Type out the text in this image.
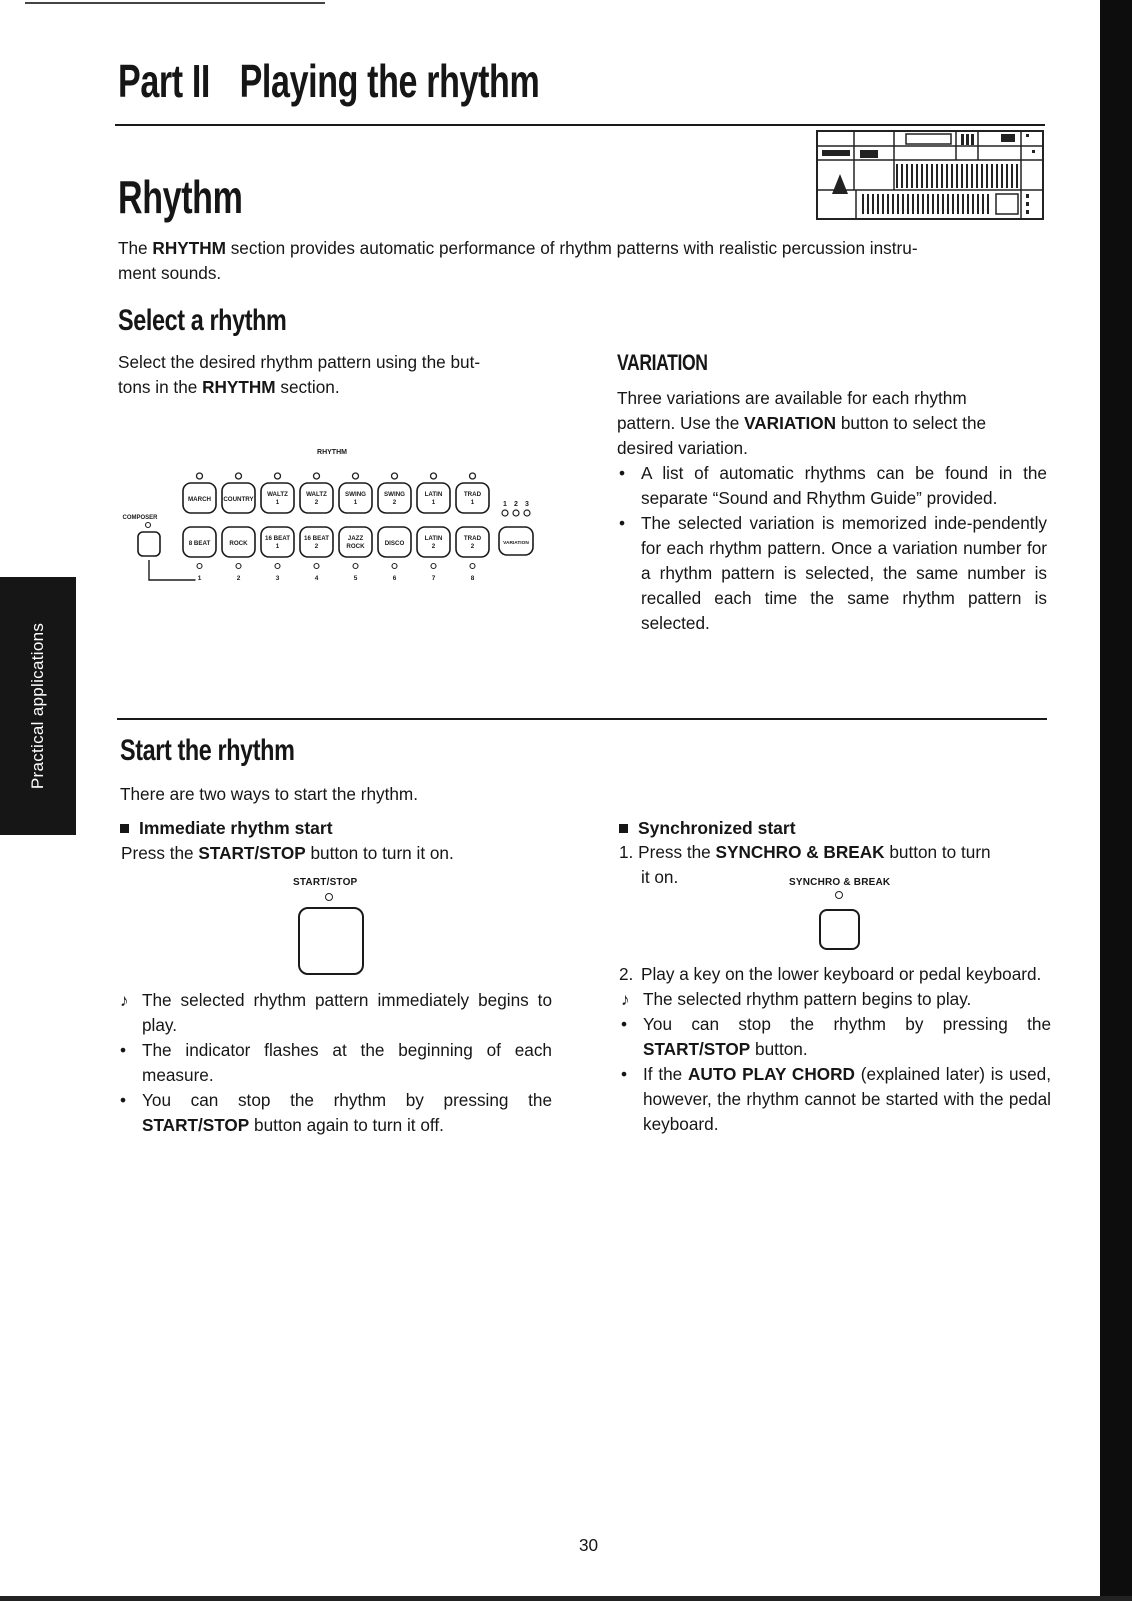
Practical applications
Part II Playing the rhythm
Rhythm
The RHYTHM section provides automatic performance of rhythm patterns with realistic percussion instru-
ment sounds.
Select a rhythm
Select the desired rhythm pattern using the but-
tons in the RHYTHM section.
RHYTHM
MARCH COUNTRY
WALTZ
1
WALTZ
2
SWING
1
SWING
2
LATIN
1
TRAD
1
8 BEAT	ROCK
16 BEAT
1
16 BEAT
2
JAZZ
ROCK	DISCO
LATIN
2
TRAD
2	VARIATION
1 2 3
COMPOSER
1	2	3	4	5	6	7	8
VARIATION
Three variations are available for each rhythm
pattern. Use the VARIATION button to select the
desired variation.
• A list of automatic rhythms can be found in the separate “Sound and Rhythm Guide” provided.
• The selected variation is memorized inde-pendently for each rhythm pattern. Once a variation number for a rhythm pattern is selected, the same number is recalled each time the same rhythm pattern is selected.
Start the rhythm
There are two ways to start the rhythm.
Immediate rhythm start
Press the START/STOP button to turn it on.
START/STOP
♪ The selected rhythm pattern immediately begins to play.
• The indicator flashes at the beginning of each measure.
• You can stop the rhythm by pressing the START/STOP button again to turn it off.
Synchronized start
1. Press the SYNCHRO & BREAK button to turn
it on.	SYNCHRO & BREAK
2. Play a key on the lower keyboard or pedal keyboard.
♪ The selected rhythm pattern begins to play.
• You can stop the rhythm by pressing the START/STOP button.
• If the AUTO PLAY CHORD (explained later) is used, however, the rhythm cannot be started with the pedal keyboard.
30
